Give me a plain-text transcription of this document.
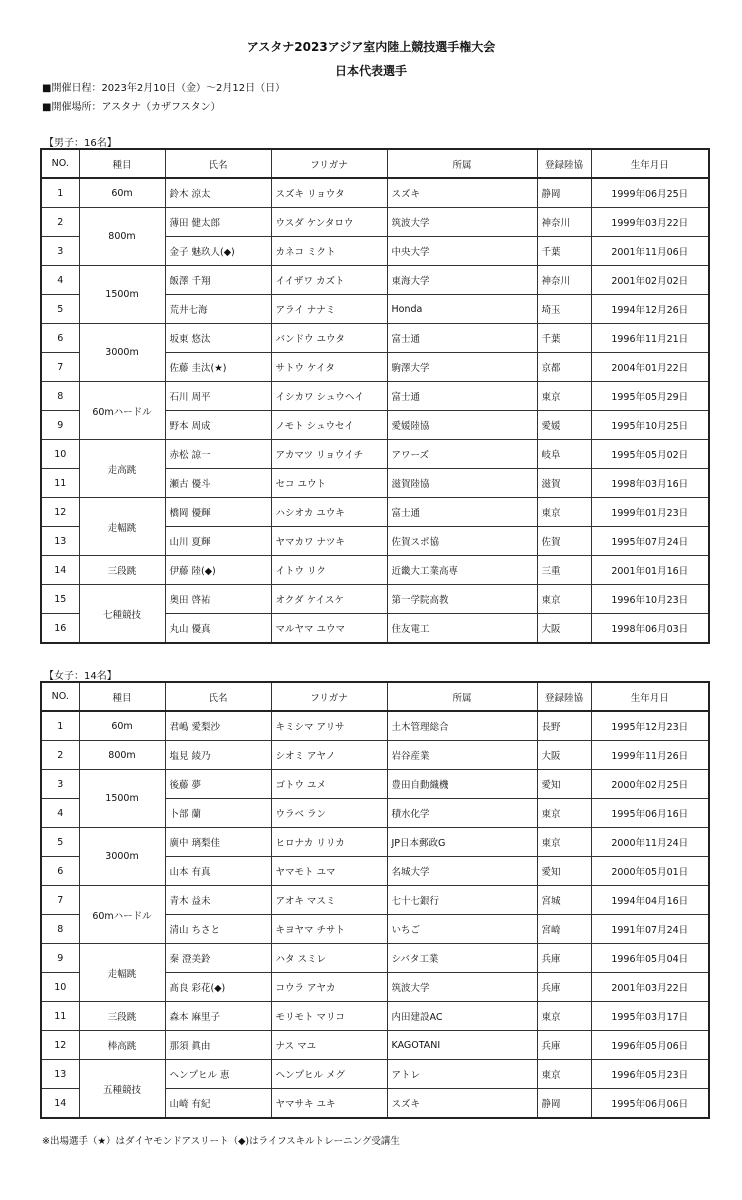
アスタナ2023アジア室内陸上競技選手権大会
日本代表選手
■開催日程：2023年2月10日（金）～2月12日（日）
■開催場所：アスタナ（カザフスタン）
【男子：16名】
NO.	種目	氏名	フリガナ	所属	登録陸協	生年月日
1	60m	鈴木 涼太	スズキ リョウタ	スズキ	静岡	1999年06月25日
2	800m	薄田 健太郎	ウスダ ケンタロウ	筑波大学	神奈川	1999年03月22日
3		金子 魅玖人(◆)	カネコ ミクト	中央大学	千葉	2001年11月06日
4	1500m	飯澤 千翔	イイザワ カズト	東海大学	神奈川	2001年02月02日
5		荒井七海	アライ ナナミ	Honda	埼玉	1994年12月26日
6	3000m	坂東 悠汰	バンドウ ユウタ	富士通	千葉	1996年11月21日
7		佐藤 圭汰(★)	サトウ ケイタ	駒澤大学	京都	2004年01月22日
8	60mハードル	石川 周平	イシカワ シュウヘイ	富士通	東京	1995年05月29日
9		野本 周成	ノモト シュウセイ	愛媛陸協	愛媛	1995年10月25日
10	走高跳	赤松 諒一	アカマツ リョウイチ	アワーズ	岐阜	1995年05月02日
11		瀬古 優斗	セコ ユウト	滋賀陸協	滋賀	1998年03月16日
12	走幅跳	橋岡 優輝	ハシオカ ユウキ	富士通	東京	1999年01月23日
13		山川 夏輝	ヤマカワ ナツキ	佐賀スポ協	佐賀	1995年07月24日
14	三段跳	伊藤 陸(◆)	イトウ リク	近畿大工業高専	三重	2001年01月16日
15	七種競技	奥田 啓祐	オクダ ケイスケ	第一学院高教	東京	1996年10月23日
16		丸山 優真	マルヤマ ユウマ	住友電工	大阪	1998年06月03日
【女子：14名】
NO.	種目	氏名	フリガナ	所属	登録陸協	生年月日
1	60m	君嶋 愛梨沙	キミシマ アリサ	土木管理総合	長野	1995年12月23日
2	800m	塩見 綾乃	シオミ アヤノ	岩谷産業	大阪	1999年11月26日
3	1500m	後藤 夢	ゴトウ ユメ	豊田自動織機	愛知	2000年02月25日
4		卜部 蘭	ウラベ ラン	積水化学	東京	1995年06月16日
5	3000m	廣中 璃梨佳	ヒロナカ リリカ	JP日本郵政G	東京	2000年11月24日
6		山本 有真	ヤマモト ユマ	名城大学	愛知	2000年05月01日
7	60mハードル	青木 益未	アオキ マスミ	七十七銀行	宮城	1994年04月16日
8		清山 ちさと	キヨヤマ チサト	いちご	宮崎	1991年07月24日
9	走幅跳	秦 澄美鈴	ハタ スミレ	シバタ工業	兵庫	1996年05月04日
10		髙良 彩花(◆)	コウラ アヤカ	筑波大学	兵庫	2001年03月22日
11	三段跳	森本 麻里子	モリモト マリコ	内田建設AC	東京	1995年03月17日
12	棒高跳	那須 眞由	ナス マユ	KAGOTANI	兵庫	1996年05月06日
13	五種競技	ヘンプヒル 恵	ヘンプヒル メグ	アトレ	東京	1996年05月23日
14		山崎 有紀	ヤマサキ ユキ	スズキ	静岡	1995年06月06日
※出場選手（★）はダイヤモンドアスリート（◆)はライフスキルトレーニング受講生
